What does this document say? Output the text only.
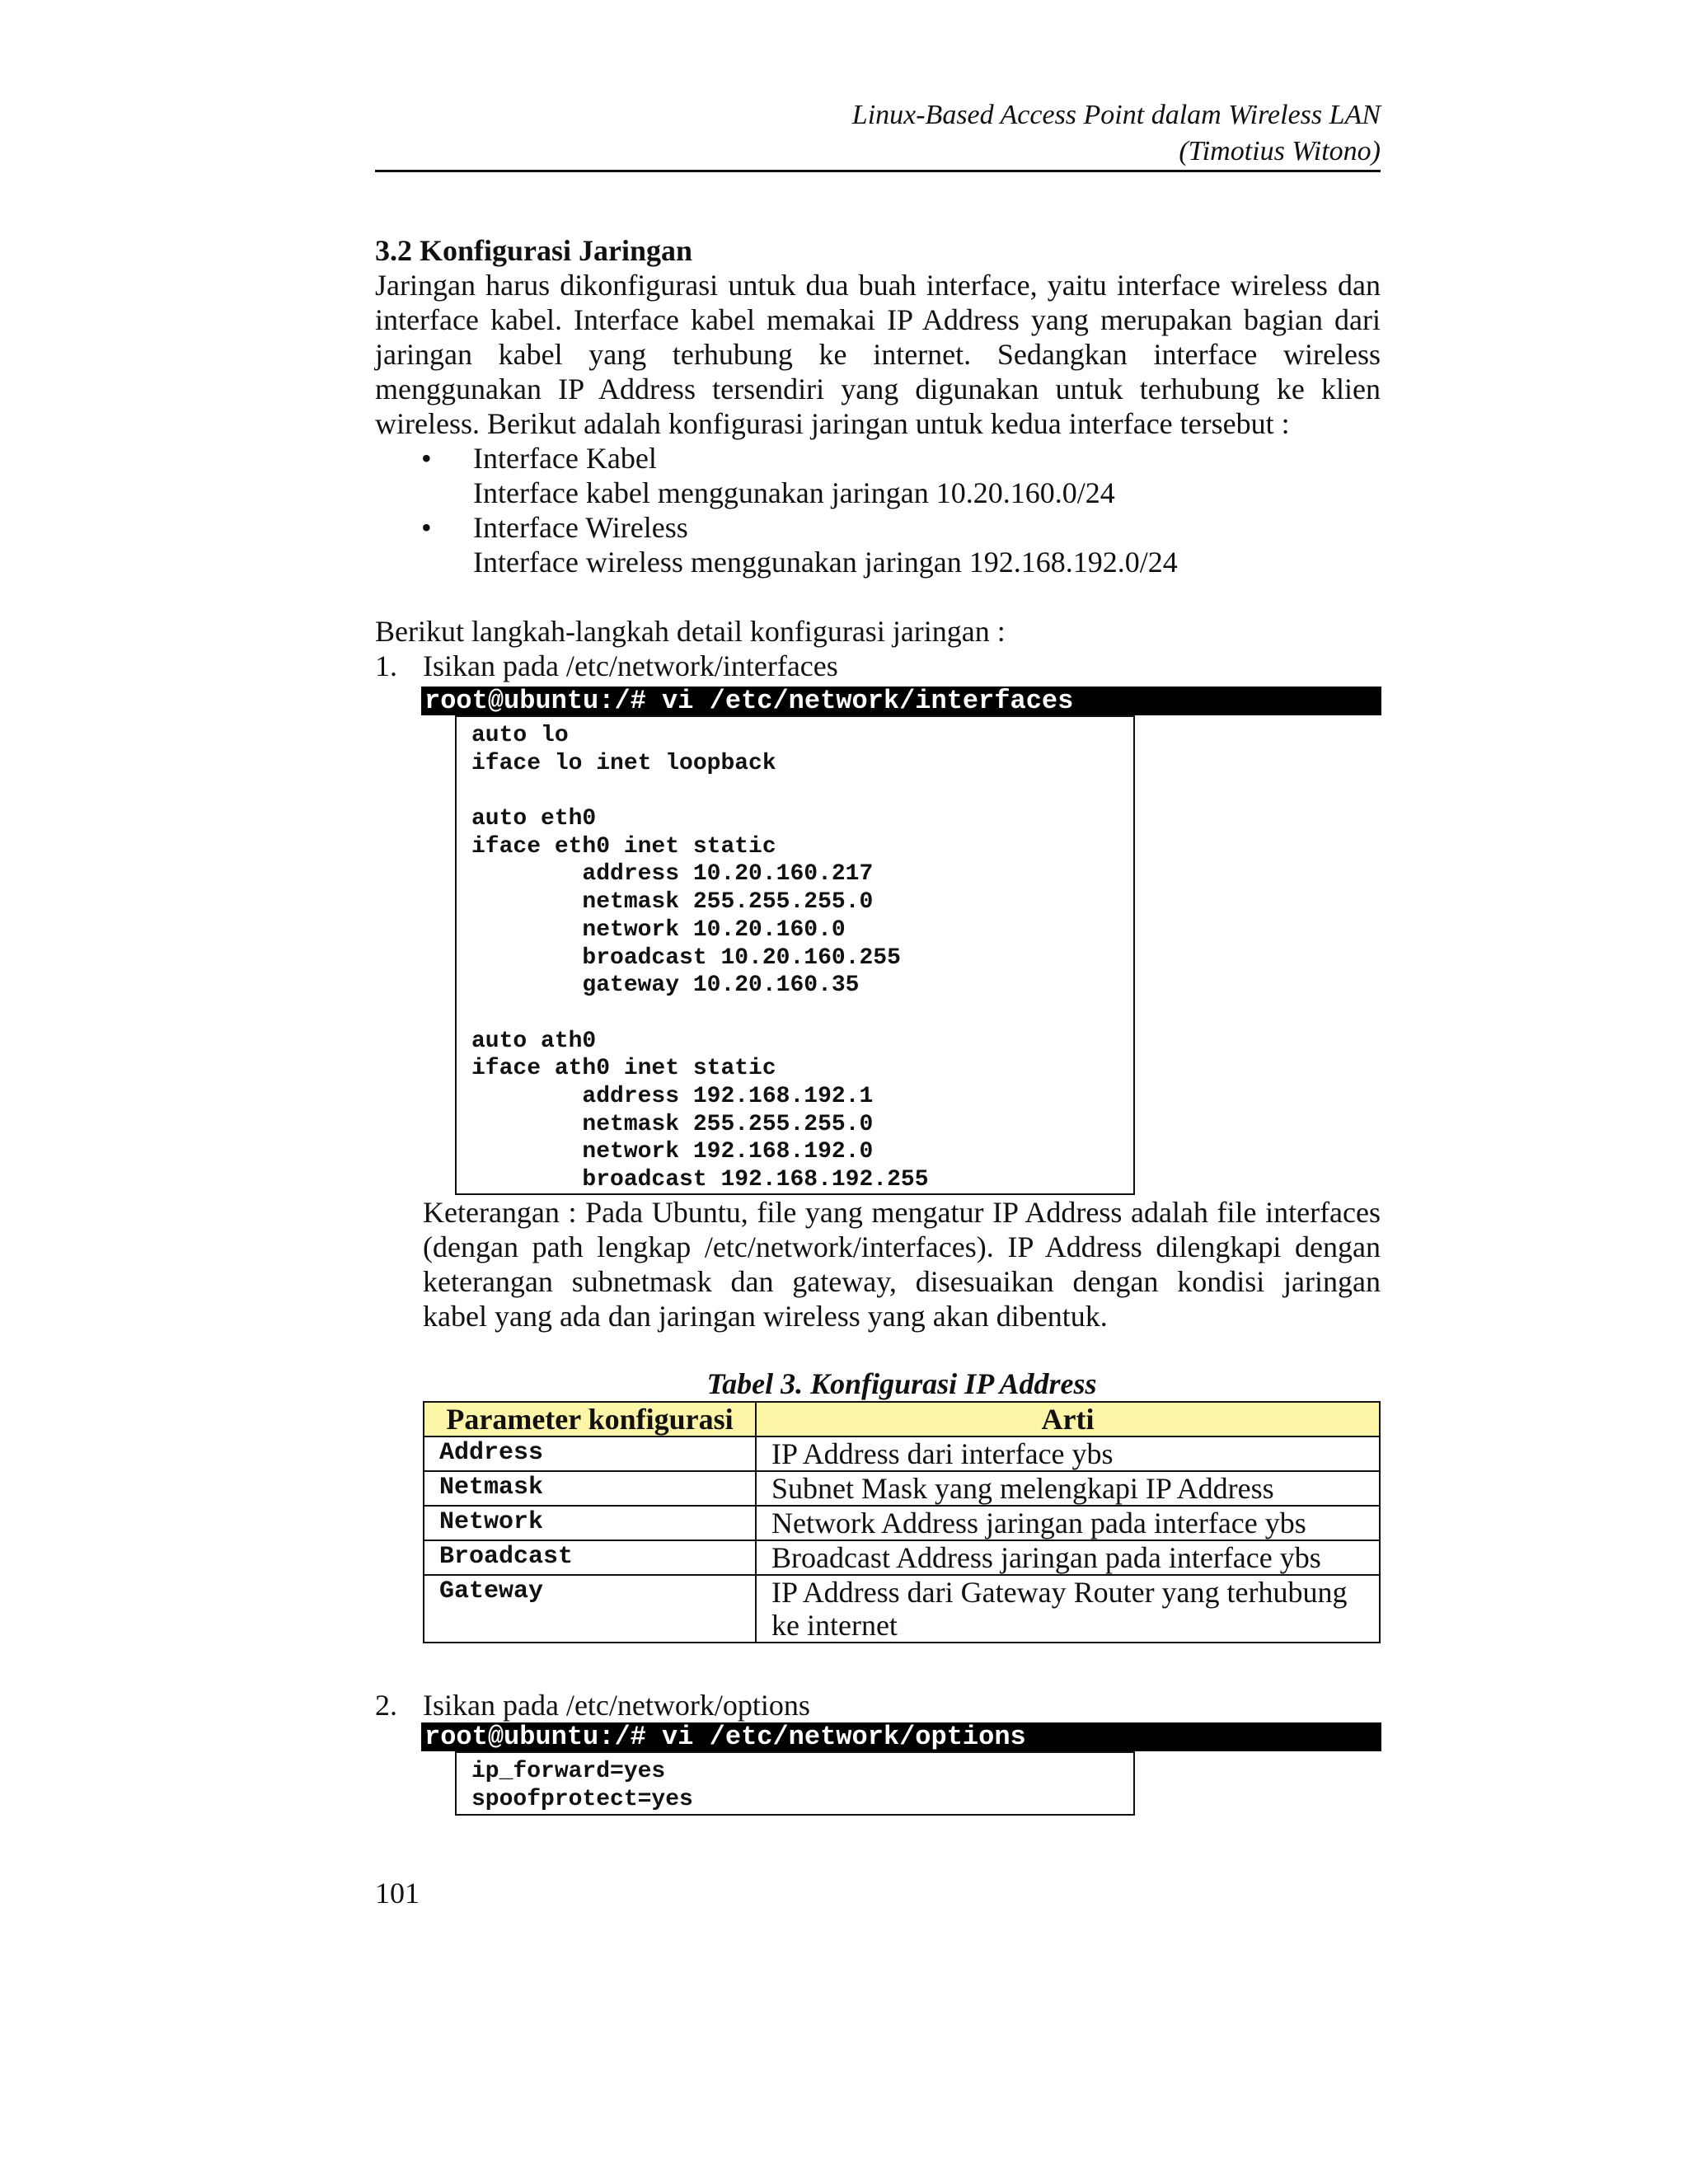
Linux-Based Access Point dalam Wireless LAN
(Timotius Witono)
3.2 Konfigurasi Jaringan
Jaringan harus dikonfigurasi untuk dua buah interface, yaitu interface wireless dan
interface kabel. Interface kabel memakai IP Address yang merupakan bagian dari
jaringan kabel yang terhubung ke internet. Sedangkan interface wireless
menggunakan IP Address tersendiri yang digunakan untuk terhubung ke klien
wireless. Berikut adalah konfigurasi jaringan untuk kedua interface tersebut :
• Interface Kabel
Interface kabel menggunakan jaringan 10.20.160.0/24
• Interface Wireless
Interface wireless menggunakan jaringan 192.168.192.0/24
Berikut langkah-langkah detail konfigurasi jaringan :
1. Isikan pada /etc/network/interfaces
root@ubuntu:/# vi /etc/network/interfaces
auto lo
iface lo inet loopback
auto eth0
iface eth0 inet static
address 10.20.160.217
netmask 255.255.255.0
network 10.20.160.0
broadcast 10.20.160.255
gateway 10.20.160.35
auto ath0
iface ath0 inet static
address 192.168.192.1
netmask 255.255.255.0
network 192.168.192.0
broadcast 192.168.192.255
Keterangan : Pada Ubuntu, file yang mengatur IP Address adalah file interfaces
(dengan path lengkap /etc/network/interfaces). IP Address dilengkapi dengan
keterangan subnetmask dan gateway, disesuaikan dengan kondisi jaringan
kabel yang ada dan jaringan wireless yang akan dibentuk.
Tabel 3. Konfigurasi IP Address
Parameter konfigurasi	Arti
Address	IP Address dari interface ybs
Netmask	Subnet Mask yang melengkapi IP Address
Network	Network Address jaringan pada interface ybs
Broadcast	Broadcast Address jaringan pada interface ybs
Gateway	IP Address dari Gateway Router yang terhubung ke internet
2. Isikan pada /etc/network/options
root@ubuntu:/# vi /etc/network/options
ip_forward=yes
spoofprotect=yes
101
